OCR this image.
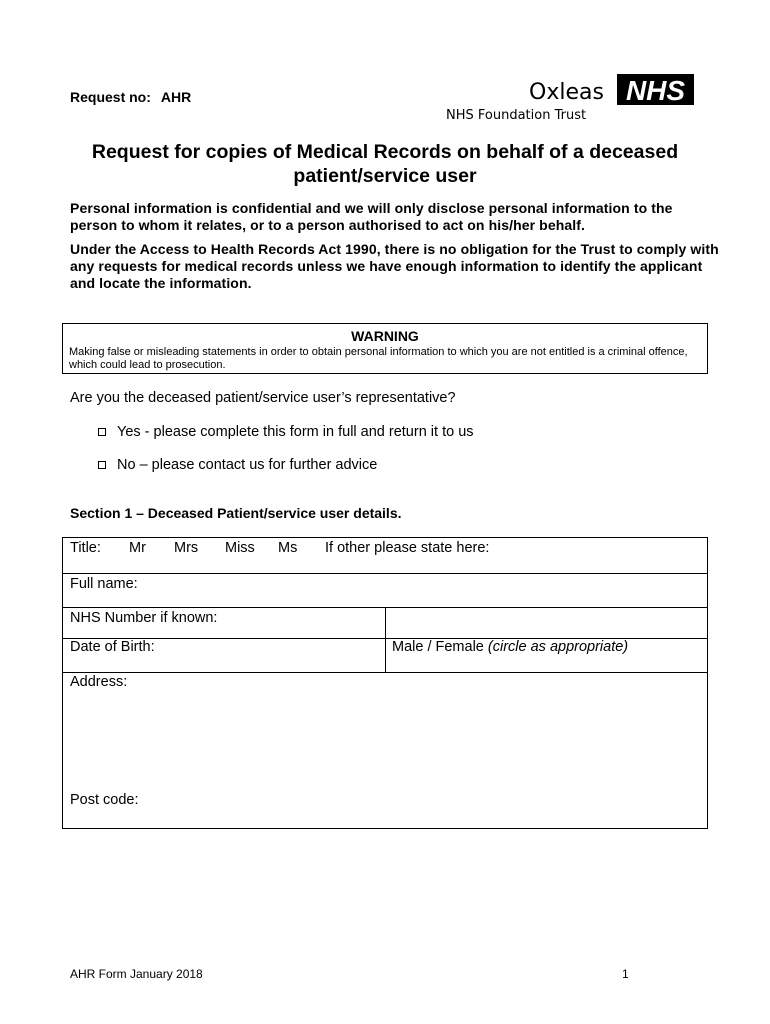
Request no: AHR	Oxleas NHS
NHS Foundation Trust
Request for copies of Medical Records on behalf of a deceased patient/service user
Personal information is confidential and we will only disclose personal information to the person to whom it relates, or to a person authorised to act on his/her behalf.
Under the Access to Health Records Act 1990, there is no obligation for the Trust to comply with any requests for medical records unless we have enough information to identify the applicant and locate the information.
WARNING
Making false or misleading statements in order to obtain personal information to which you are not entitled is a criminal offence, which could lead to prosecution.
Are you the deceased patient/service user’s representative?
Yes - please complete this form in full and return it to us
No – please contact us for further advice
Section 1 – Deceased Patient/service user details.
Title: Mr Mrs Miss Ms If other please state here:
Full name:
NHS Number if known:
Date of Birth:	Male / Female (circle as appropriate)
Address:
Post code:
AHR Form January 2018	1
